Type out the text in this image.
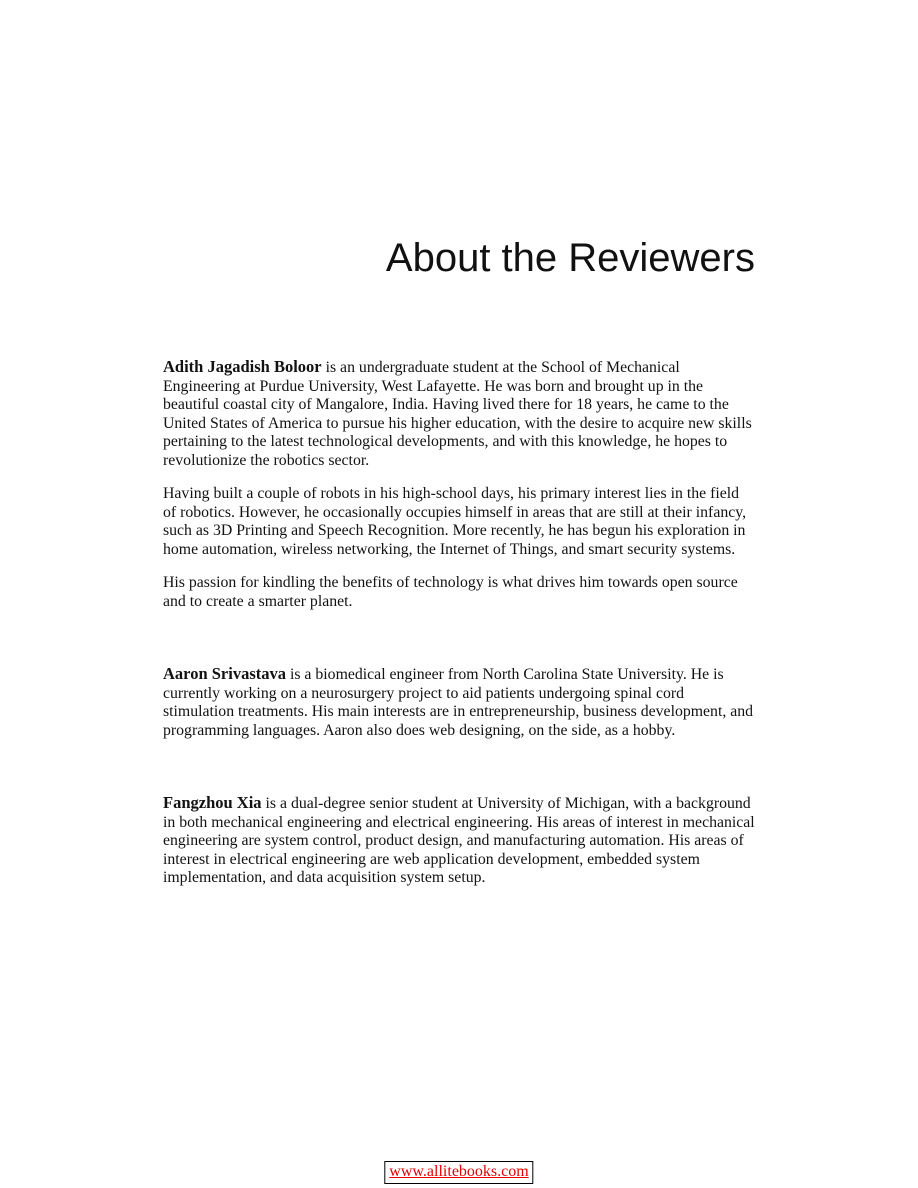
About the Reviewers

Adith Jagadish Boloor is an undergraduate student at the School of Mechanical Engineering at Purdue University, West Lafayette. He was born and brought up in the beautiful coastal city of Mangalore, India. Having lived there for 18 years, he came to the United States of America to pursue his higher education, with the desire to acquire new skills pertaining to the latest technological developments, and with this knowledge, he hopes to revolutionize the robotics sector.

Having built a couple of robots in his high-school days, his primary interest lies in the field of robotics. However, he occasionally occupies himself in areas that are still at their infancy, such as 3D Printing and Speech Recognition. More recently, he has begun his exploration in home automation, wireless networking, the Internet of Things, and smart security systems.

His passion for kindling the benefits of technology is what drives him towards open source and to create a smarter planet.

Aaron Srivastava is a biomedical engineer from North Carolina State University. He is currently working on a neurosurgery project to aid patients undergoing spinal cord stimulation treatments. His main interests are in entrepreneurship, business development, and programming languages. Aaron also does web designing, on the side, as a hobby.

Fangzhou Xia is a dual-degree senior student at University of Michigan, with a background in both mechanical engineering and electrical engineering. His areas of interest in mechanical engineering are system control, product design, and manufacturing automation. His areas of interest in electrical engineering are web application development, embedded system implementation, and data acquisition system setup.

www.allitebooks.com
